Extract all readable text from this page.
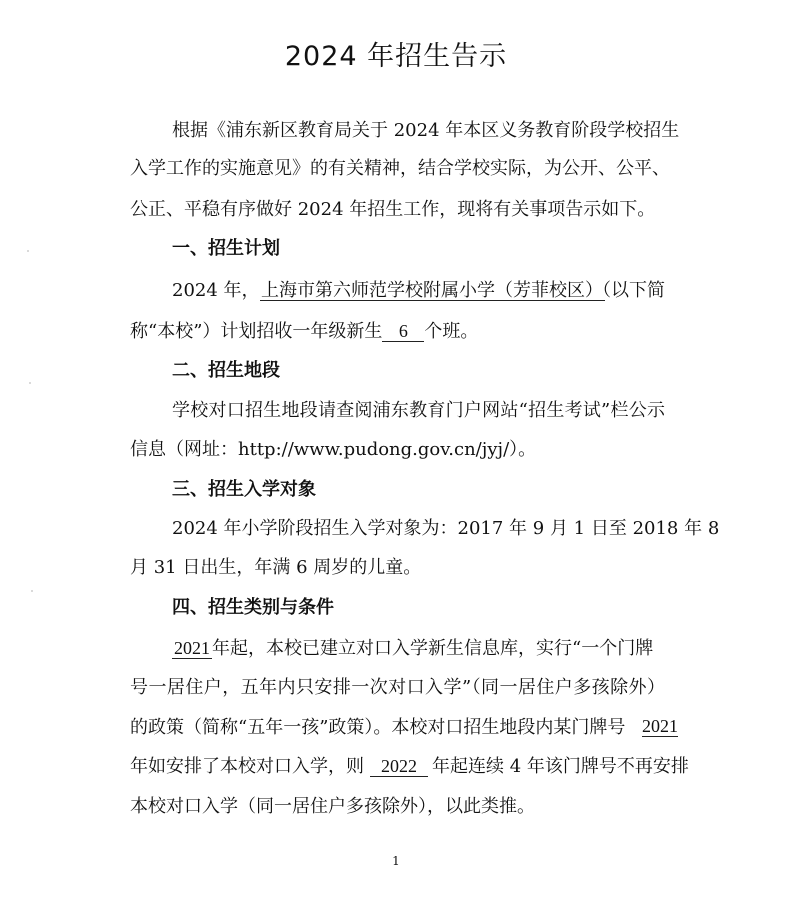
2024 年招生告示
根据《浦东新区教育局关于 2024 年本区义务教育阶段学校招生
入学工作的实施意见》的有关精神，结合学校实际，为公开、公平、
公正、平稳有序做好 2024 年招生工作，现将有关事项告示如下。
一、招生计划
2024 年，上海市第六师范学校附属小学（芳菲校区）
（以下简
称“本校”）计划招收一年级新生 6 个班。
二、招生地段
学校对口招生地段请查阅浦东教育门户网站“招生考试”栏公示
信息（网址：http://www.pudong.gov.cn/jyj/）。
三、招生入学对象
2024 年小学阶段招生入学对象为：2017 年 9 月 1 日至 2018 年 8
月 31 日出生，年满 6 周岁的儿童。
四、招生类别与条件
2021 年起，本校已建立对口入学新生信息库，实行“一个门牌
号一居住户，五年内只安排一次对口入学”（同一居住户多孩除外）
的政策（简称“五年一孩”政策）。本校对口招生地段内某门牌号 2021
年如安排了本校对口入学，则 2022 年起连续 4 年该门牌号不再安排
本校对口入学（同一居住户多孩除外），以此类推。
1
